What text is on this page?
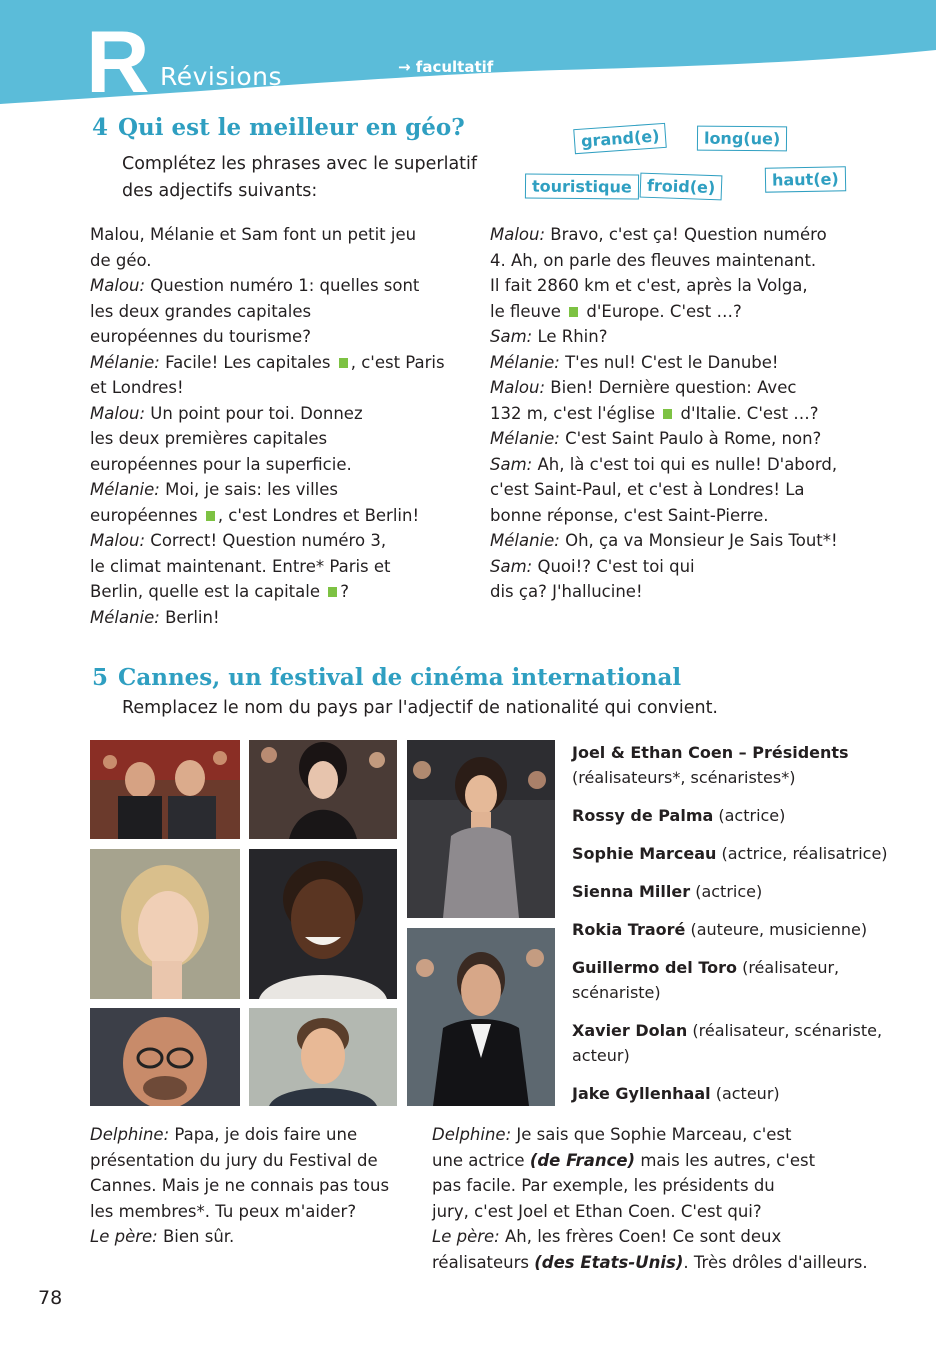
R Révisions	→ facultatif
4 Qui est le meilleur en géo?
Complétez les phrases avec le superlatif
des adjectifs suivants:
grand(e)	long(ue)
touristique froid(e)	haut(e)
Malou, Mélanie et Sam font un petit jeu
de géo.
Malou: Question numéro 1: quelles sont
les deux grandes capitales
européennes du tourisme?
Mélanie: Facile! Les capitales , c'est Paris
et Londres!
Malou: Un point pour toi. Donnez
les deux premières capitales
européennes pour la superficie.
Mélanie: Moi, je sais: les villes
européennes , c'est Londres et Berlin!
Malou: Correct! Question numéro 3,
le climat maintenant. Entre* Paris et
Berlin, quelle est la capitale ?
Mélanie: Berlin!
Malou: Bravo, c'est ça! Question numéro
4. Ah, on parle des fleuves maintenant.
Il fait 2860 km et c'est, après la Volga,
le fleuve  d'Europe. C'est …?
Sam: Le Rhin?
Mélanie: T'es nul! C'est le Danube!
Malou: Bien! Dernière question: Avec
132 m, c'est l'église  d'Italie. C'est …?
Mélanie: C'est Saint Paulo à Rome, non?
Sam: Ah, là c'est toi qui es nulle! D'abord,
c'est Saint-Paul, et c'est à Londres! La
bonne réponse, c'est Saint-Pierre.
Mélanie: Oh, ça va Monsieur Je Sais Tout*!
Sam: Quoi!? C'est toi qui
dis ça? J'hallucine!
5 Cannes, un festival de cinéma international
Remplacez le nom du pays par l'adjectif de nationalité qui convient.
Joel & Ethan Coen – Présidents
(réalisateurs*, scénaristes*)
Rossy de Palma (actrice)
Sophie Marceau (actrice, réalisatrice)
Sienna Miller (actrice)
Rokia Traoré (auteure, musicienne)
Guillermo del Toro (réalisateur,
scénariste)
Xavier Dolan (réalisateur, scénariste,
acteur)
Jake Gyllenhaal (acteur)
Delphine: Papa, je dois faire une
présentation du jury du Festival de
Cannes. Mais je ne connais pas tous
les membres*. Tu peux m'aider?
Le père: Bien sûr.
Delphine: Je sais que Sophie Marceau, c'est
une actrice (de France) mais les autres, c'est
pas facile. Par exemple, les présidents du
jury, c'est Joel et Ethan Coen. C'est qui?
Le père: Ah, les frères Coen! Ce sont deux
réalisateurs (des Etats-Unis). Très drôles d'ailleurs.
78
